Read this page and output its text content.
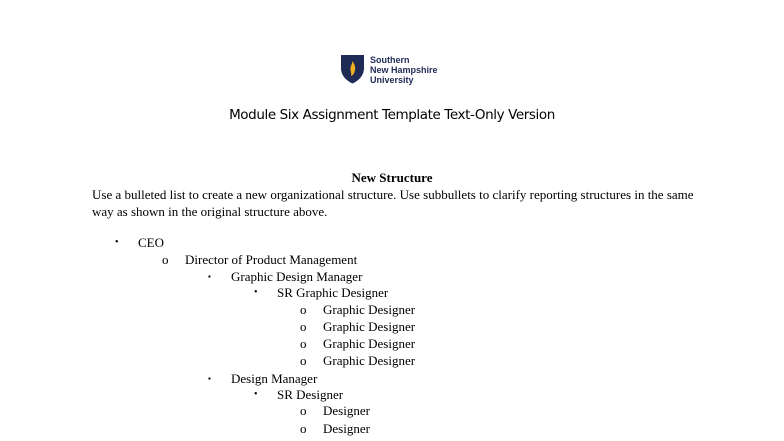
Southern
New Hampshire
University
Module Six Assignment Template Text-Only Version
New Structure
Use a bulleted list to create a new organizational structure. Use subbullets to clarify reporting structures in the same way as shown in the original structure above.
• CEO
o Director of Product Management
▪ Graphic Design Manager
• SR Graphic Designer
o Graphic Designer
o Graphic Designer
o Graphic Designer
o Graphic Designer
▪ Design Manager
• SR Designer
o Designer
o Designer
